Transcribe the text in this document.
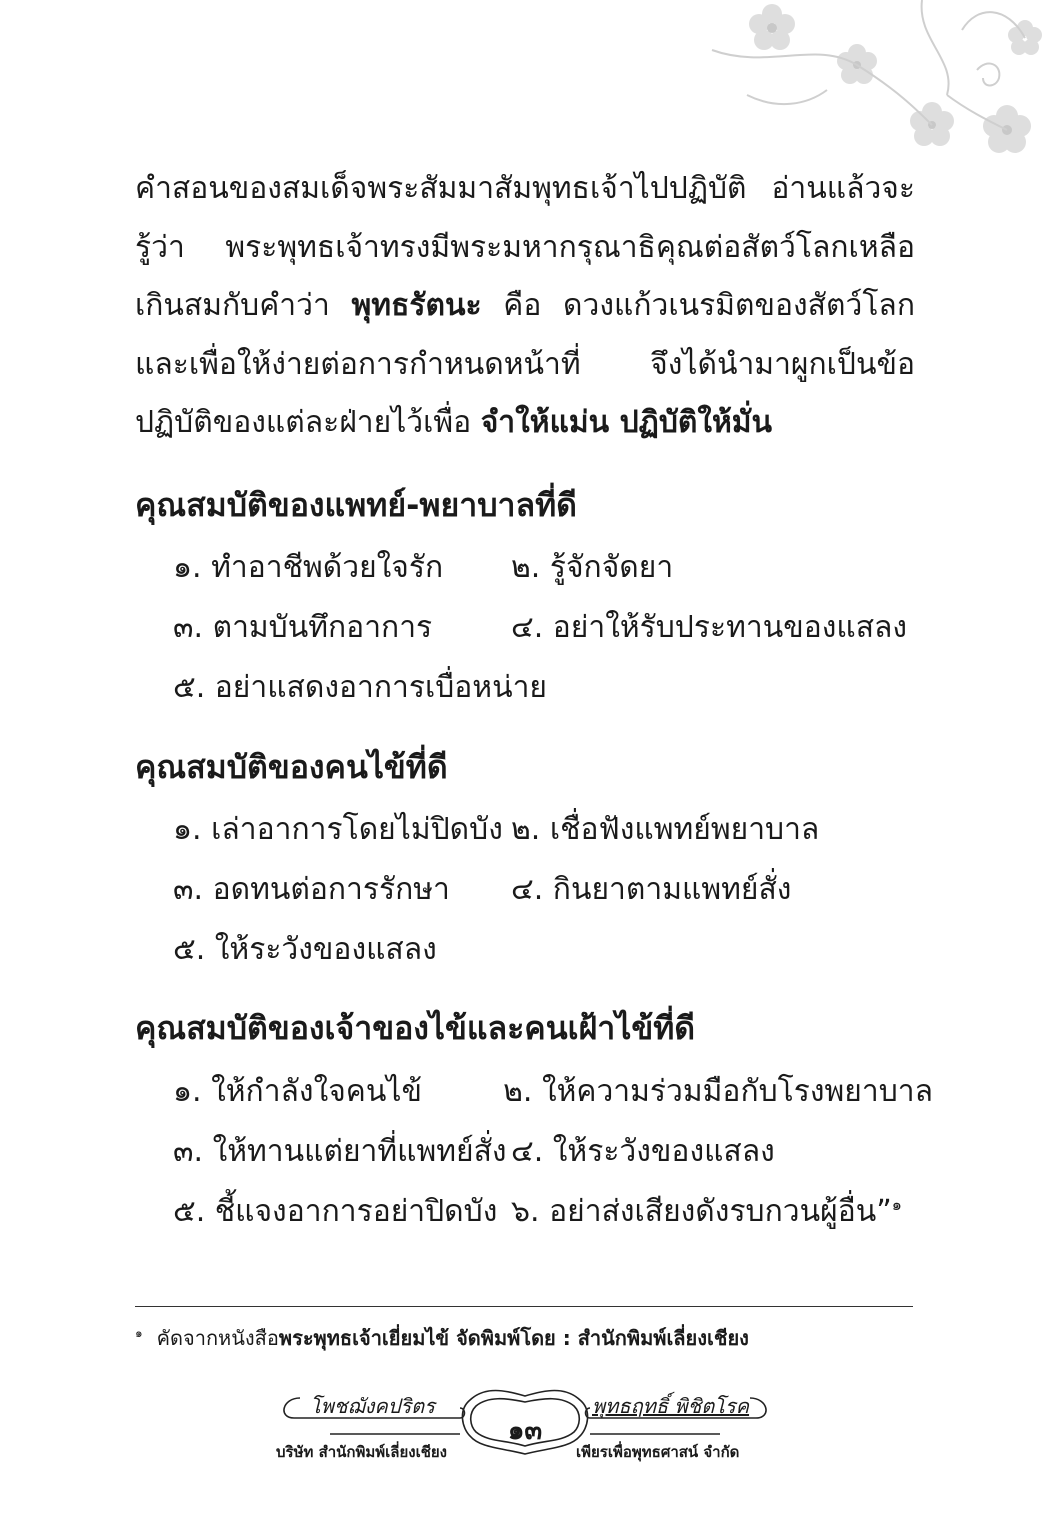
คำสอนของสมเด็จพระสัมมาสัมพุทธเจ้าไปปฏิบัติ อ่านแล้วจะรู้ว่า พระพุทธเจ้าทรงมีพระมหากรุณาธิคุณต่อสัตว์โลกเหลือเกินสมกับคำว่า พุทธรัตนะ คือ ดวงแก้วเนรมิตของสัตว์โลก และเพื่อให้ง่ายต่อการกำหนดหน้าที่ จึงได้นำมาผูกเป็นข้อปฏิบัติของแต่ละฝ่ายไว้เพื่อ จำให้แม่น ปฏิบัติให้มั่น
คุณสมบัติของแพทย์-พยาบาลที่ดี
๑. ทำอาชีพด้วยใจรัก	๒. รู้จักจัดยา
๓. ตามบันทึกอาการ	๔. อย่าให้รับประทานของแสลง
๕. อย่าแสดงอาการเบื่อหน่าย
คุณสมบัติของคนไข้ที่ดี
๑. เล่าอาการโดยไม่ปิดบัง ๒. เชื่อฟังแพทย์พยาบาล
๓. อดทนต่อการรักษา	๔. กินยาตามแพทย์สั่ง
๕. ให้ระวังของแสลง
คุณสมบัติของเจ้าของไข้และคนเฝ้าไข้ที่ดี
๑. ให้กำลังใจคนไข้	๒. ให้ความร่วมมือกับโรงพยาบาล
๓. ให้ทานแต่ยาที่แพทย์สั่ง ๔. ให้ระวังของแสลง
๕. ชี้แจงอาการอย่าปิดบัง ๖. อย่าส่งเสียงดังรบกวนผู้อื่น”$^๑$
$^๑$ คัดจากหนังสือพระพุทธเจ้าเยี่ยมไข้ จัดพิมพ์โดย : สำนักพิมพ์เลี่ยงเชียง
โพชฌังคปริตร
๑๓
พุทธฤทธิ์ พิชิตโรค
บริษัท สำนักพิมพ์เลี่ยงเชียง	เพียรเพื่อพุทธศาสน์ จำกัด
